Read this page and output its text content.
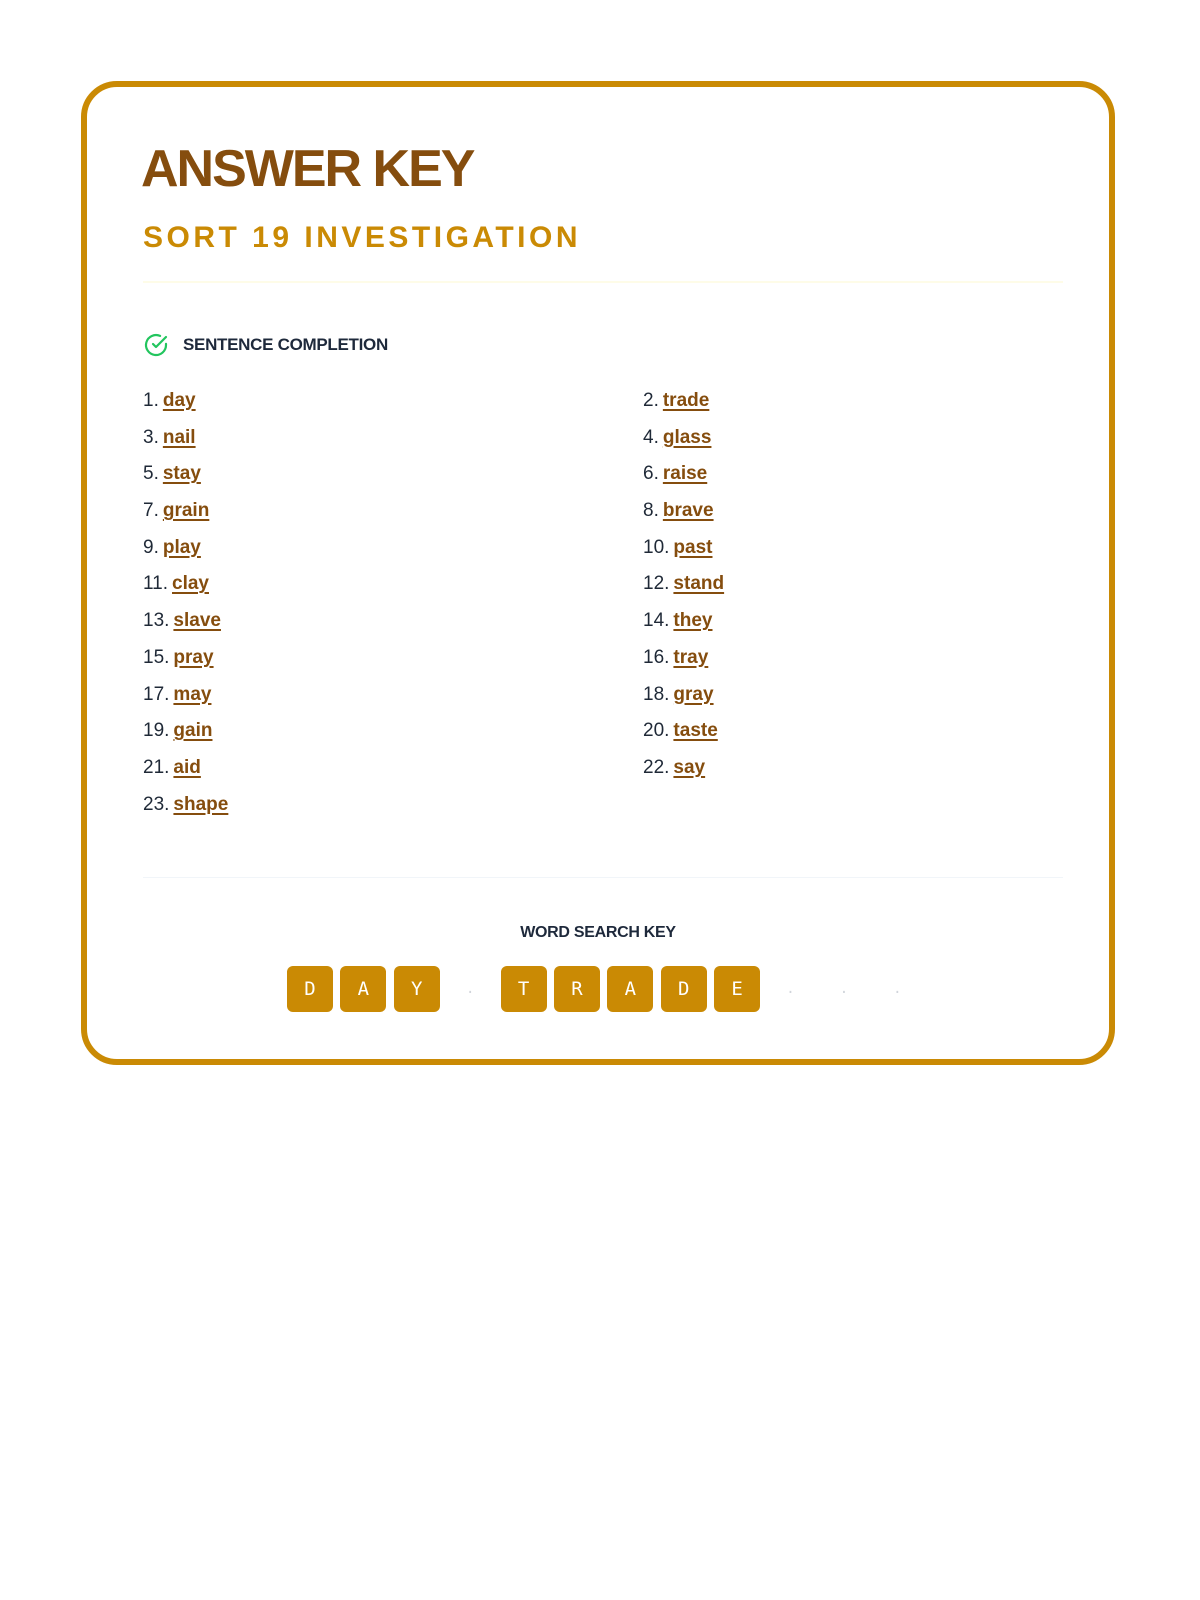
ANSWER KEY
SORT 19 INVESTIGATION
SENTENCE COMPLETION
1. day	2. trade
3. nail	4. glass
5. stay	6. raise
7. grain	8. brave
9. play	10. past
11. clay	12. stand
13. slave	14. they
15. pray	16. tray
17. may	18. gray
19. gain	20. taste
21. aid	22. say
23. shape
WORD SEARCH KEY
D	A	Y	.	T	R	A	D	E	.	.	.
